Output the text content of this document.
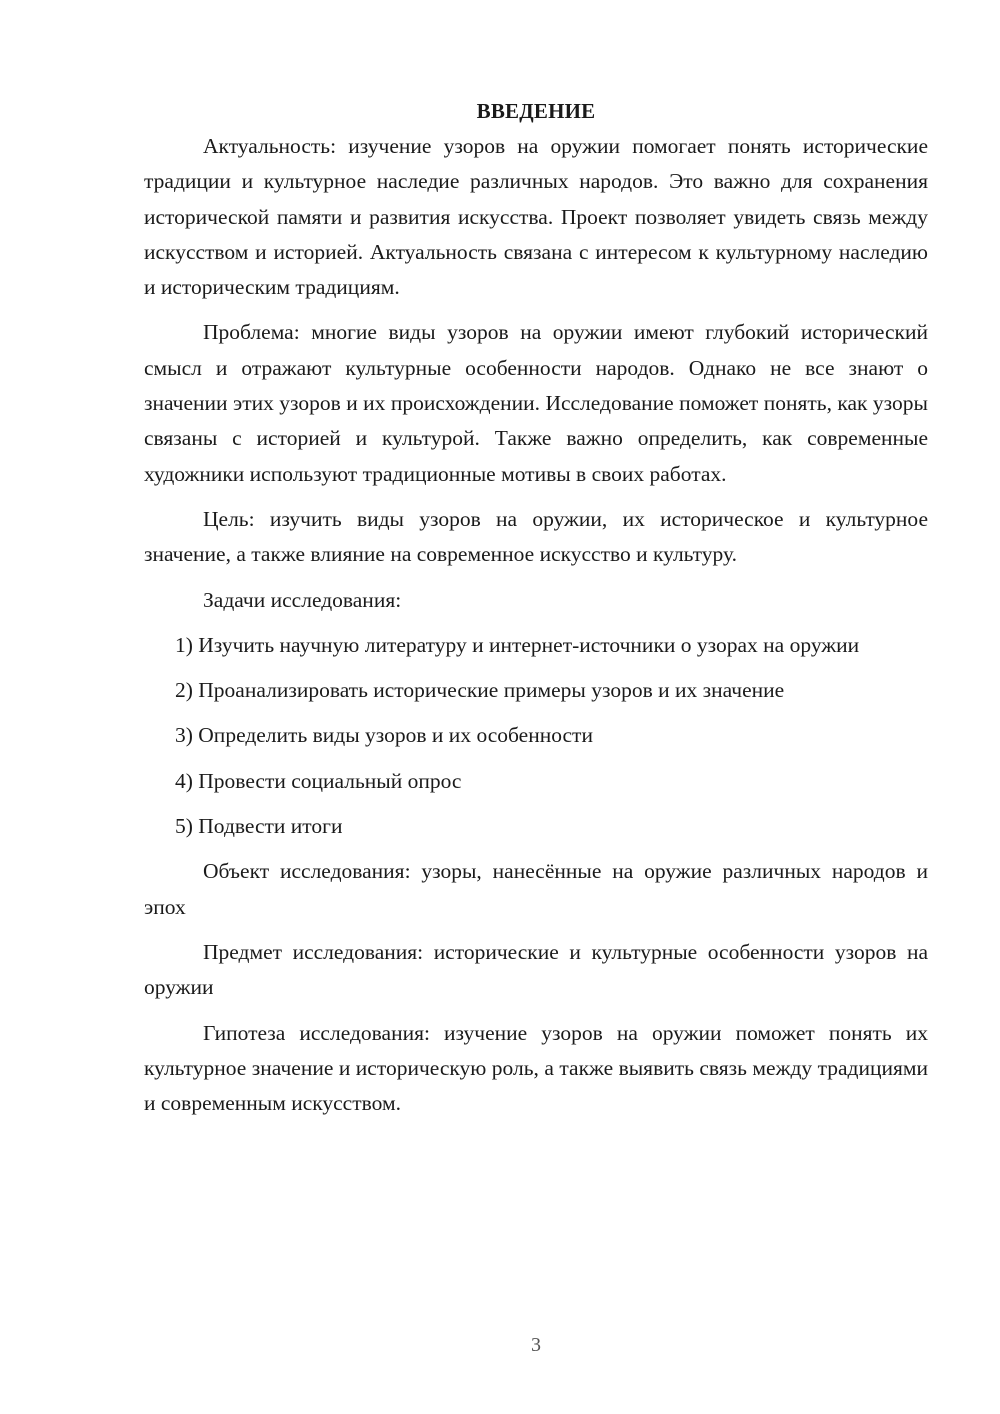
ВВЕДЕНИЕ

Актуальность: изучение узоров на оружии помогает понять исторические традиции и культурное наследие различных народов. Это важно для сохранения исторической памяти и развития искусства. Проект позволяет увидеть связь между искусством и историей. Актуальность связана с интересом к культурному наследию и историческим традициям.

Проблема: многие виды узоров на оружии имеют глубокий исторический смысл и отражают культурные особенности народов. Однако не все знают о значении этих узоров и их происхождении. Исследование поможет понять, как узоры связаны с историей и культурой. Также важно определить, как современные художники используют традиционные мотивы в своих работах.

Цель: изучить виды узоров на оружии, их историческое и культурное значение, а также влияние на современное искусство и культуру.

Задачи исследования:

1) Изучить научную литературу и интернет-источники о узорах на оружии

2) Проанализировать исторические примеры узоров и их значение

3) Определить виды узоров и их особенности

4) Провести социальный опрос

5) Подвести итоги

Объект исследования: узоры, нанесённые на оружие различных народов и эпох

Предмет исследования: исторические и культурные особенности узоров на оружии

Гипотеза исследования: изучение узоров на оружии поможет понять их культурное значение и историческую роль, а также выявить связь между традициями и современным искусством.

3
